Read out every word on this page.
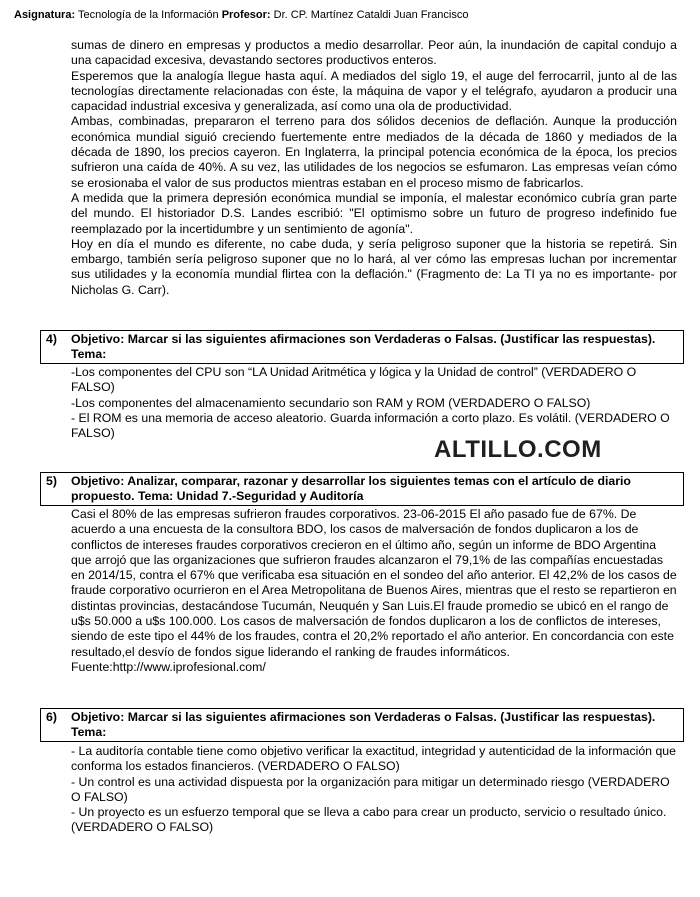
Asignatura: Tecnología de la Información Profesor: Dr. CP. Martínez Cataldi Juan Francisco

sumas de dinero en empresas y productos a medio desarrollar. Peor aún, la inundación de capital condujo a una capacidad excesiva, devastando sectores productivos enteros.

Esperemos que la analogía llegue hasta aquí. A mediados del siglo 19, el auge del ferrocarril, junto al de las tecnologías directamente relacionadas con éste, la máquina de vapor y el telégrafo, ayudaron a producir una capacidad industrial excesiva y generalizada, así como una ola de productividad.

Ambas, combinadas, prepararon el terreno para dos sólidos decenios de deflación. Aunque la producción económica mundial siguió creciendo fuertemente entre mediados de la década de 1860 y mediados de la década de 1890, los precios cayeron. En Inglaterra, la principal potencia económica de la época, los precios sufrieron una caída de 40%. A su vez, las utilidades de los negocios se esfumaron. Las empresas veían cómo se erosionaba el valor de sus productos mientras estaban en el proceso mismo de fabricarlos.

A medida que la primera depresión económica mundial se imponía, el malestar económico cubría gran parte del mundo. El historiador D.S. Landes escribió: "El optimismo sobre un futuro de progreso indefinido fue reemplazado por la incertidumbre y un sentimiento de agonía".

Hoy en día el mundo es diferente, no cabe duda, y sería peligroso suponer que la historia se repetirá. Sin embargo, también sería peligroso suponer que no lo hará, al ver cómo las empresas luchan por incrementar sus utilidades y la economía mundial flirtea con la deflación." (Fragmento de: La TI ya no es importante- por Nicholas G. Carr).

4) Objetivo: Marcar si las siguientes afirmaciones son Verdaderas o Falsas. (Justificar las respuestas). Tema:

-Los componentes del CPU son “LA Unidad Aritmética y lógica y la Unidad de control” (VERDADERO O FALSO)

-Los componentes del almacenamiento secundario son RAM y ROM (VERDADERO O FALSO)

- El ROM es una memoria de acceso aleatorio. Guarda información a corto plazo. Es volátil. (VERDADERO O FALSO)

ALTILLO.COM
5) Objetivo: Analizar, comparar, razonar y desarrollar los siguientes temas con el artículo de diario propuesto. Tema: Unidad 7.-Seguridad y Auditoría

Casi el 80% de las empresas sufrieron fraudes corporativos. 23-06-2015 El año pasado fue de 67%. De acuerdo a una encuesta de la consultora BDO, los casos de malversación de fondos duplicaron a los de conflictos de intereses fraudes corporativos crecieron en el último año, según un informe de BDO Argentina que arrojó que las organizaciones que sufrieron fraudes alcanzaron el 79,1% de las compañías encuestadas en 2014/15, contra el 67% que verificaba esa situación en el sondeo del año anterior. El 42,2% de los casos de fraude corporativo ocurrieron en el Area Metropolitana de Buenos Aires, mientras que el resto se repartieron en distintas provincias, destacándose Tucumán, Neuquén y San Luis.El fraude promedio se ubicó en el rango de u$s 50.000 a u$s 100.000. Los casos de malversación de fondos duplicaron a los de conflictos de intereses, siendo de este tipo el 44% de los fraudes, contra el 20,2% reportado el año anterior. En concordancia con este resultado,el desvío de fondos sigue liderando el ranking de fraudes informáticos.

Fuente:http://www.iprofesional.com/

6) Objetivo: Marcar si las siguientes afirmaciones son Verdaderas o Falsas. (Justificar las respuestas). Tema:

- La auditoría contable tiene como objetivo verificar la exactitud, integridad y autenticidad de la información que conforma los estados financieros. (VERDADERO O FALSO)

- Un control es una actividad dispuesta por la organización para mitigar un determinado riesgo (VERDADERO O FALSO)

- Un proyecto es un esfuerzo temporal que se lleva a cabo para crear un producto, servicio o resultado único. (VERDADERO O FALSO)
